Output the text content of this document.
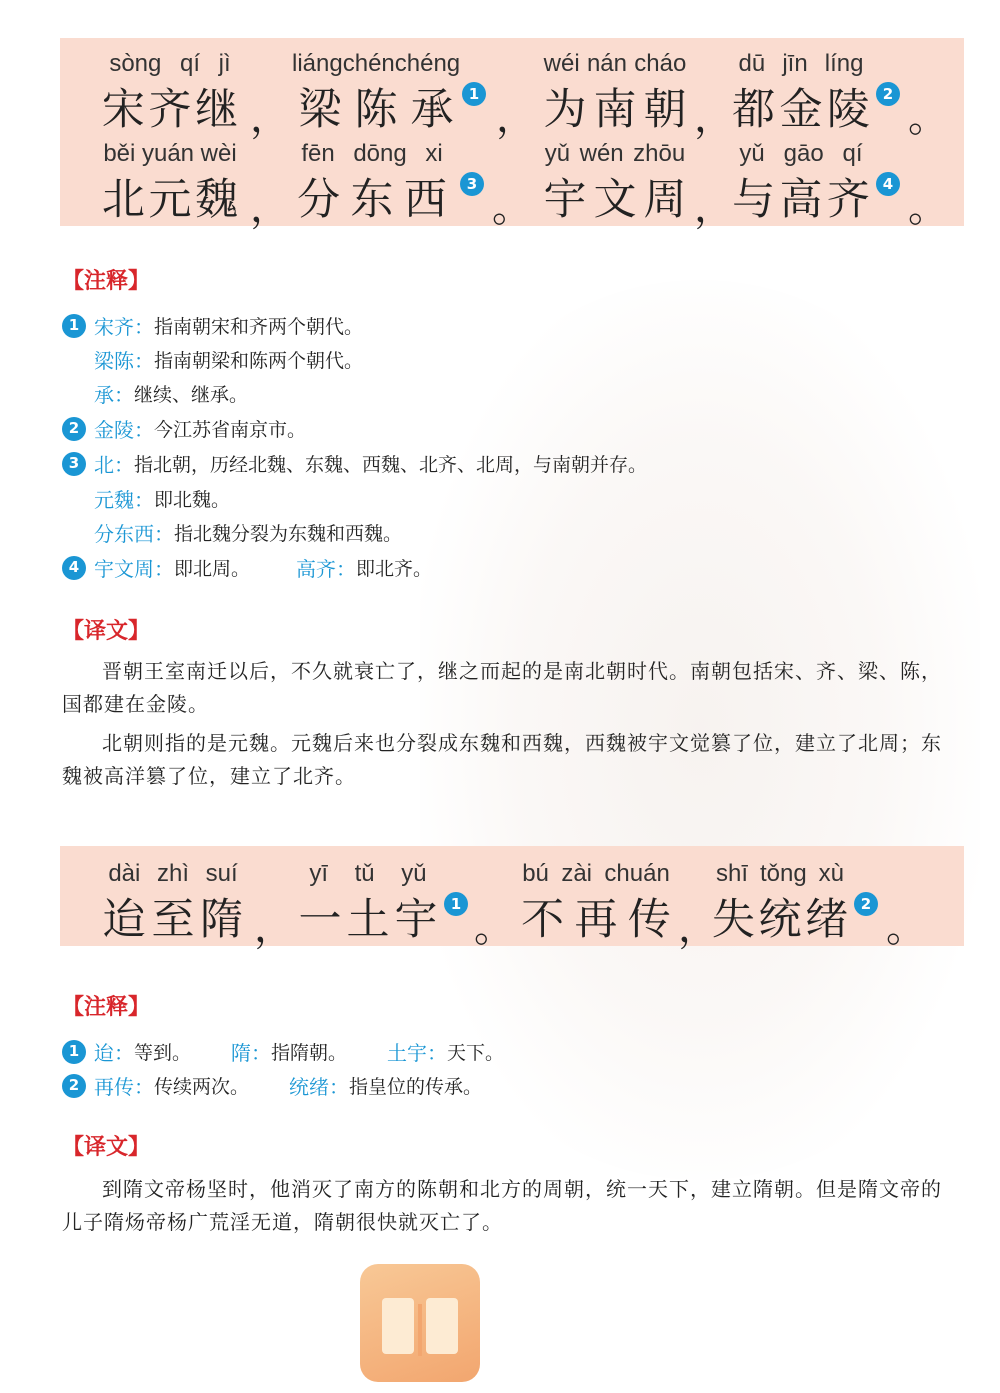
sòng qí jì
宋 齐 继 ，
liáng chén chéng
梁 陈 承	1
，
wéi nán cháo
为 南 朝 ，
dū jīn líng
都 金 陵 2
。
běi yuán wèi
北 元 魏 ，
fēn dōng xi
分 东 西	3
。
yǔ wén zhōu
宇 文 周 ，
yǔ gāo qí
与 高 齐 4
。
【注释】
1 宋齐： 指南朝宋和齐两个朝代。
梁陈： 指南朝梁和陈两个朝代。
承： 继续、继承。
2 金陵： 今江苏省南京市。
3 北： 指北朝，历经北魏、东魏、西魏、北齐、北周，与南朝并存。
元魏： 即北魏。
分东西： 指北魏分裂为东魏和西魏。
4 宇文周： 即北周。 高齐： 即北齐。
【译文】
晋朝王室南迁以后，不久就衰亡了，继之而起的是南北朝时代。南朝包括宋、齐、梁、陈，国都建在金陵。
北朝则指的是元魏。元魏后来也分裂成东魏和西魏，西魏被宇文觉篡了位，建立了北周；东魏被高洋篡了位，建立了北齐。
dài zhì suí
迨 至 隋 ，
yī tǔ yǔ
一 土 宇 1
。
bú zài chuán
不 再 传 ，
shī tǒng xù
失 统 绪 2
。
【注释】
1 迨： 等到。 隋： 指隋朝。 土宇： 天下。
2 再传： 传续两次。 统绪： 指皇位的传承。
【译文】
到隋文帝杨坚时，他消灭了南方的陈朝和北方的周朝，统一天下，建立隋朝。但是隋文帝的儿子隋炀帝杨广荒淫无道，隋朝很快就灭亡了。
